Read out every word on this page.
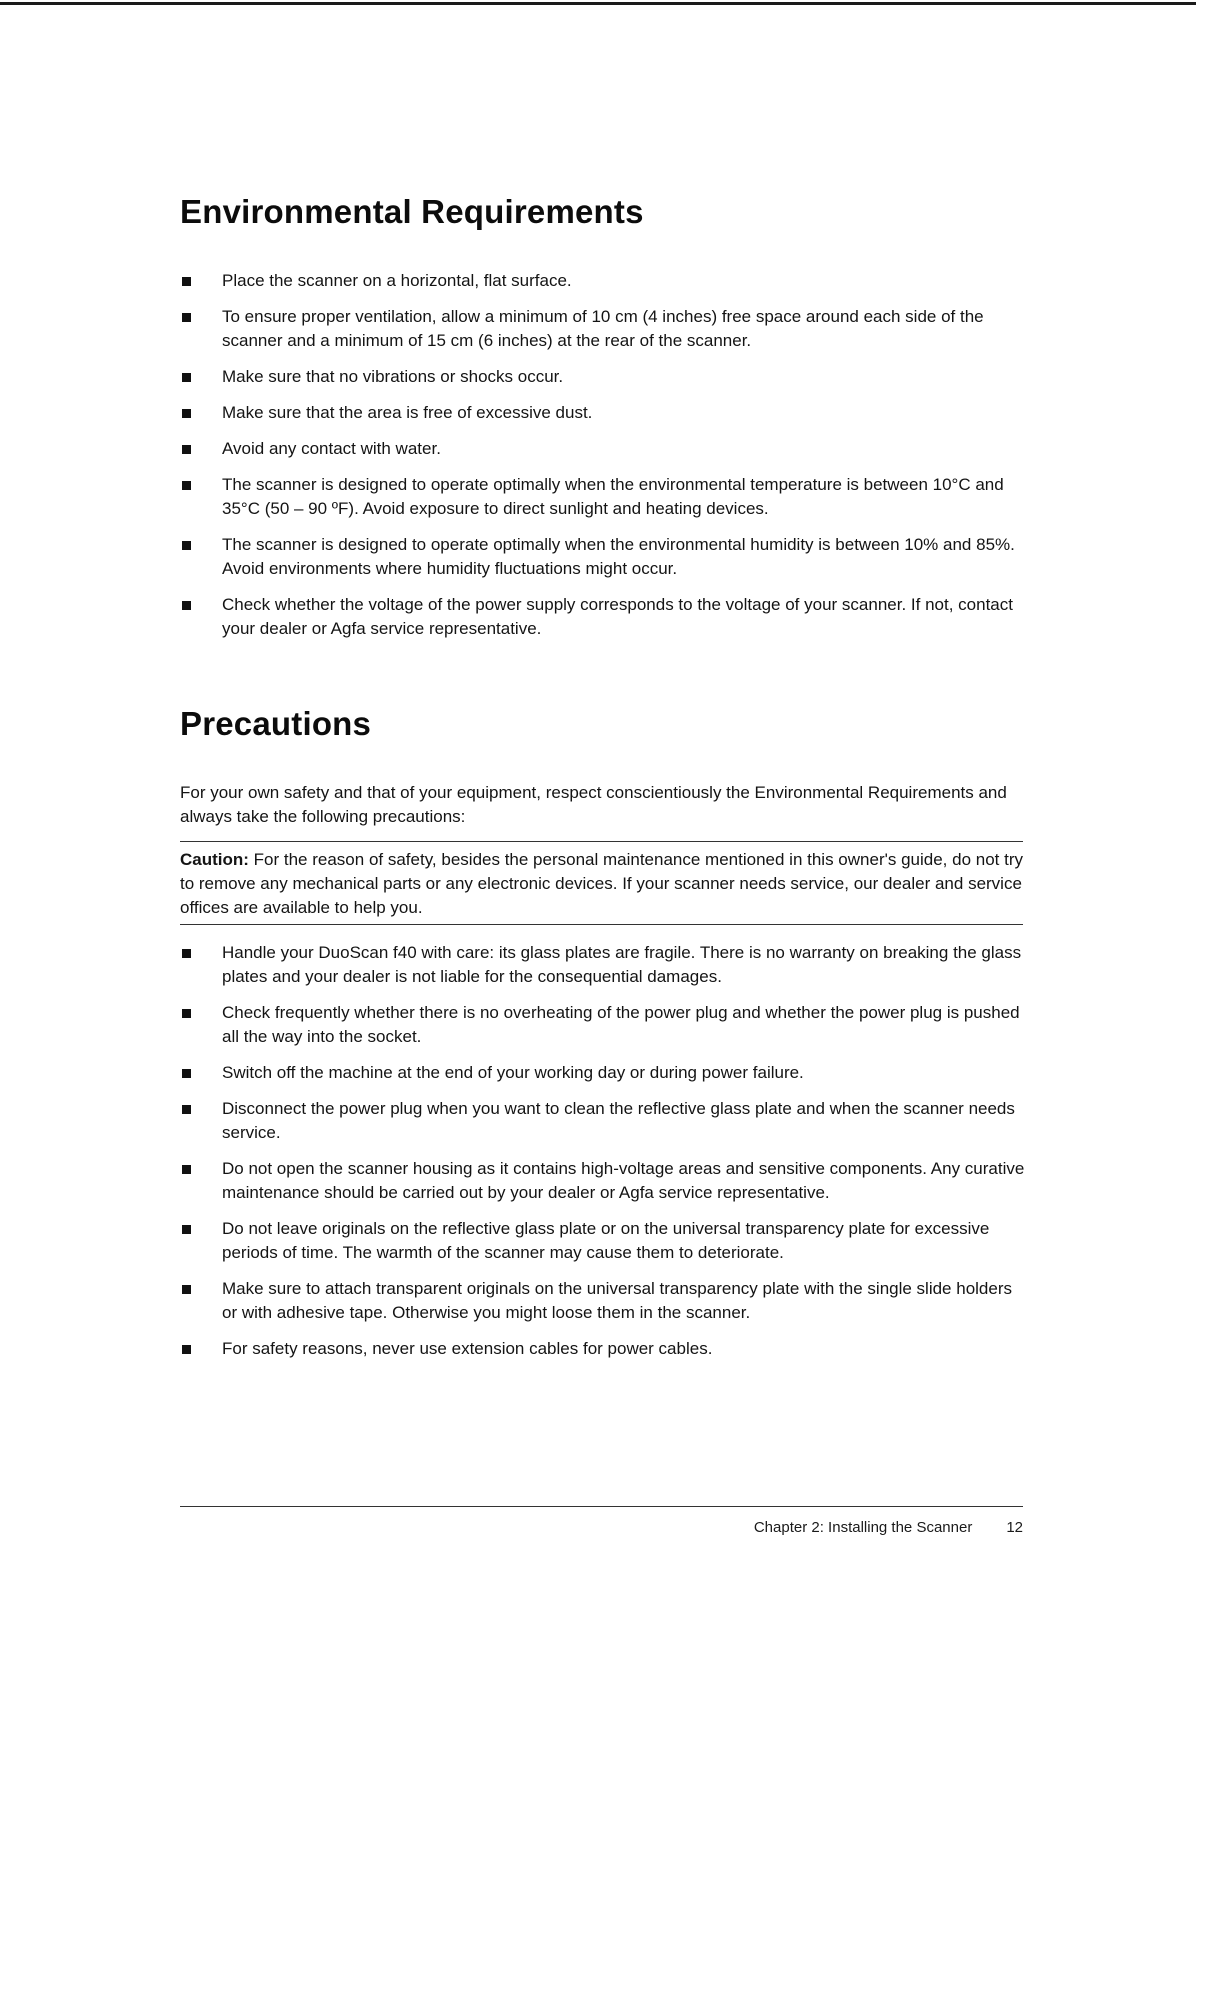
Environmental Requirements
Place the scanner on a horizontal, flat surface.
To ensure proper ventilation, allow a minimum of 10 cm (4 inches) free space around each side of the scanner and a minimum of 15 cm (6 inches) at the rear of the scanner.
Make sure that no vibrations or shocks occur.
Make sure that the area is free of excessive dust.
Avoid any contact with water.
The scanner is designed to operate optimally when the environmental temperature is between 10°C and 35°C (50 – 90 ºF). Avoid exposure to direct sunlight and heating devices.
The scanner is designed to operate optimally when the environmental humidity is between 10% and 85%. Avoid environments where humidity fluctuations might occur.
Check whether the voltage of the power supply corresponds to the voltage of your scanner. If not, contact your dealer or Agfa service representative.
Precautions

For your own safety and that of your equipment, respect conscientiously the Environmental Requirements and always take the following precautions:

Caution: For the reason of safety, besides the personal maintenance mentioned in this owner's guide, do not try to remove any mechanical parts or any electronic devices. If your scanner needs service, our dealer and service offices are available to help you.
Handle your DuoScan f40 with care: its glass plates are fragile. There is no warranty on breaking the glass plates and your dealer is not liable for the consequential damages.
Check frequently whether there is no overheating of the power plug and whether the power plug is pushed all the way into the socket.
Switch off the machine at the end of your working day or during power failure.
Disconnect the power plug when you want to clean the reflective glass plate and when the scanner needs service.
Do not open the scanner housing as it contains high-voltage areas and sensitive components. Any curative maintenance should be carried out by your dealer or Agfa service representative.
Do not leave originals on the reflective glass plate or on the universal transparency plate for excessive periods of time. The warmth of the scanner may cause them to deteriorate.
Make sure to attach transparent originals on the universal transparency plate with the single slide holders or with adhesive tape. Otherwise you might loose them in the scanner.
For safety reasons, never use extension cables for power cables.
Chapter 2: Installing the Scanner 12
